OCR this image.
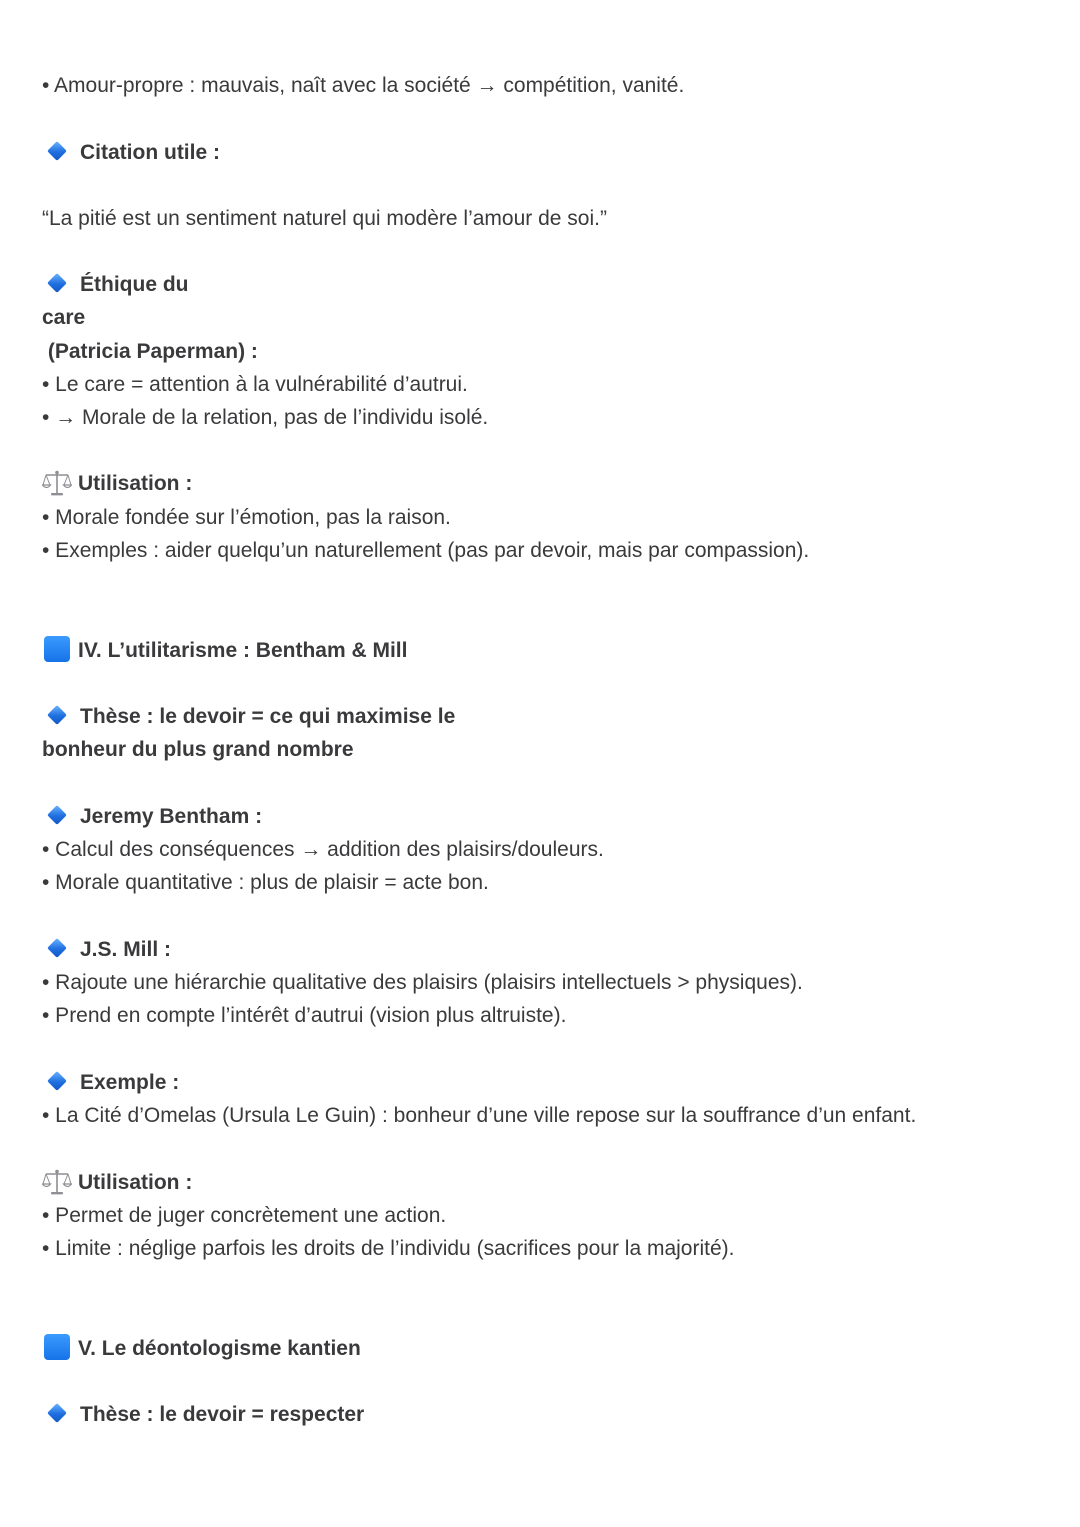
• Amour-propre : mauvais, naît avec la société → compétition, vanité.
Citation utile :
“La pitié est un sentiment naturel qui modère l’amour de soi.”
Éthique du
care
(Patricia Paperman) :
• Le care = attention à la vulnérabilité d’autrui.
• → Morale de la relation, pas de l’individu isolé.
Utilisation :
• Morale fondée sur l’émotion, pas la raison.
• Exemples : aider quelqu’un naturellement (pas par devoir, mais par compassion).
IV. L’utilitarisme : Bentham & Mill
Thèse : le devoir = ce qui maximise le
bonheur du plus grand nombre
Jeremy Bentham :
• Calcul des conséquences → addition des plaisirs/douleurs.
• Morale quantitative : plus de plaisir = acte bon.
J.S. Mill :
• Rajoute une hiérarchie qualitative des plaisirs (plaisirs intellectuels > physiques).
• Prend en compte l’intérêt d’autrui (vision plus altruiste).
Exemple :
• La Cité d’Omelas (Ursula Le Guin) : bonheur d’une ville repose sur la souffrance d’un enfant.
Utilisation :
• Permet de juger concrètement une action.
• Limite : néglige parfois les droits de l’individu (sacrifices pour la majorité).
V. Le déontologisme kantien
Thèse : le devoir = respecter
